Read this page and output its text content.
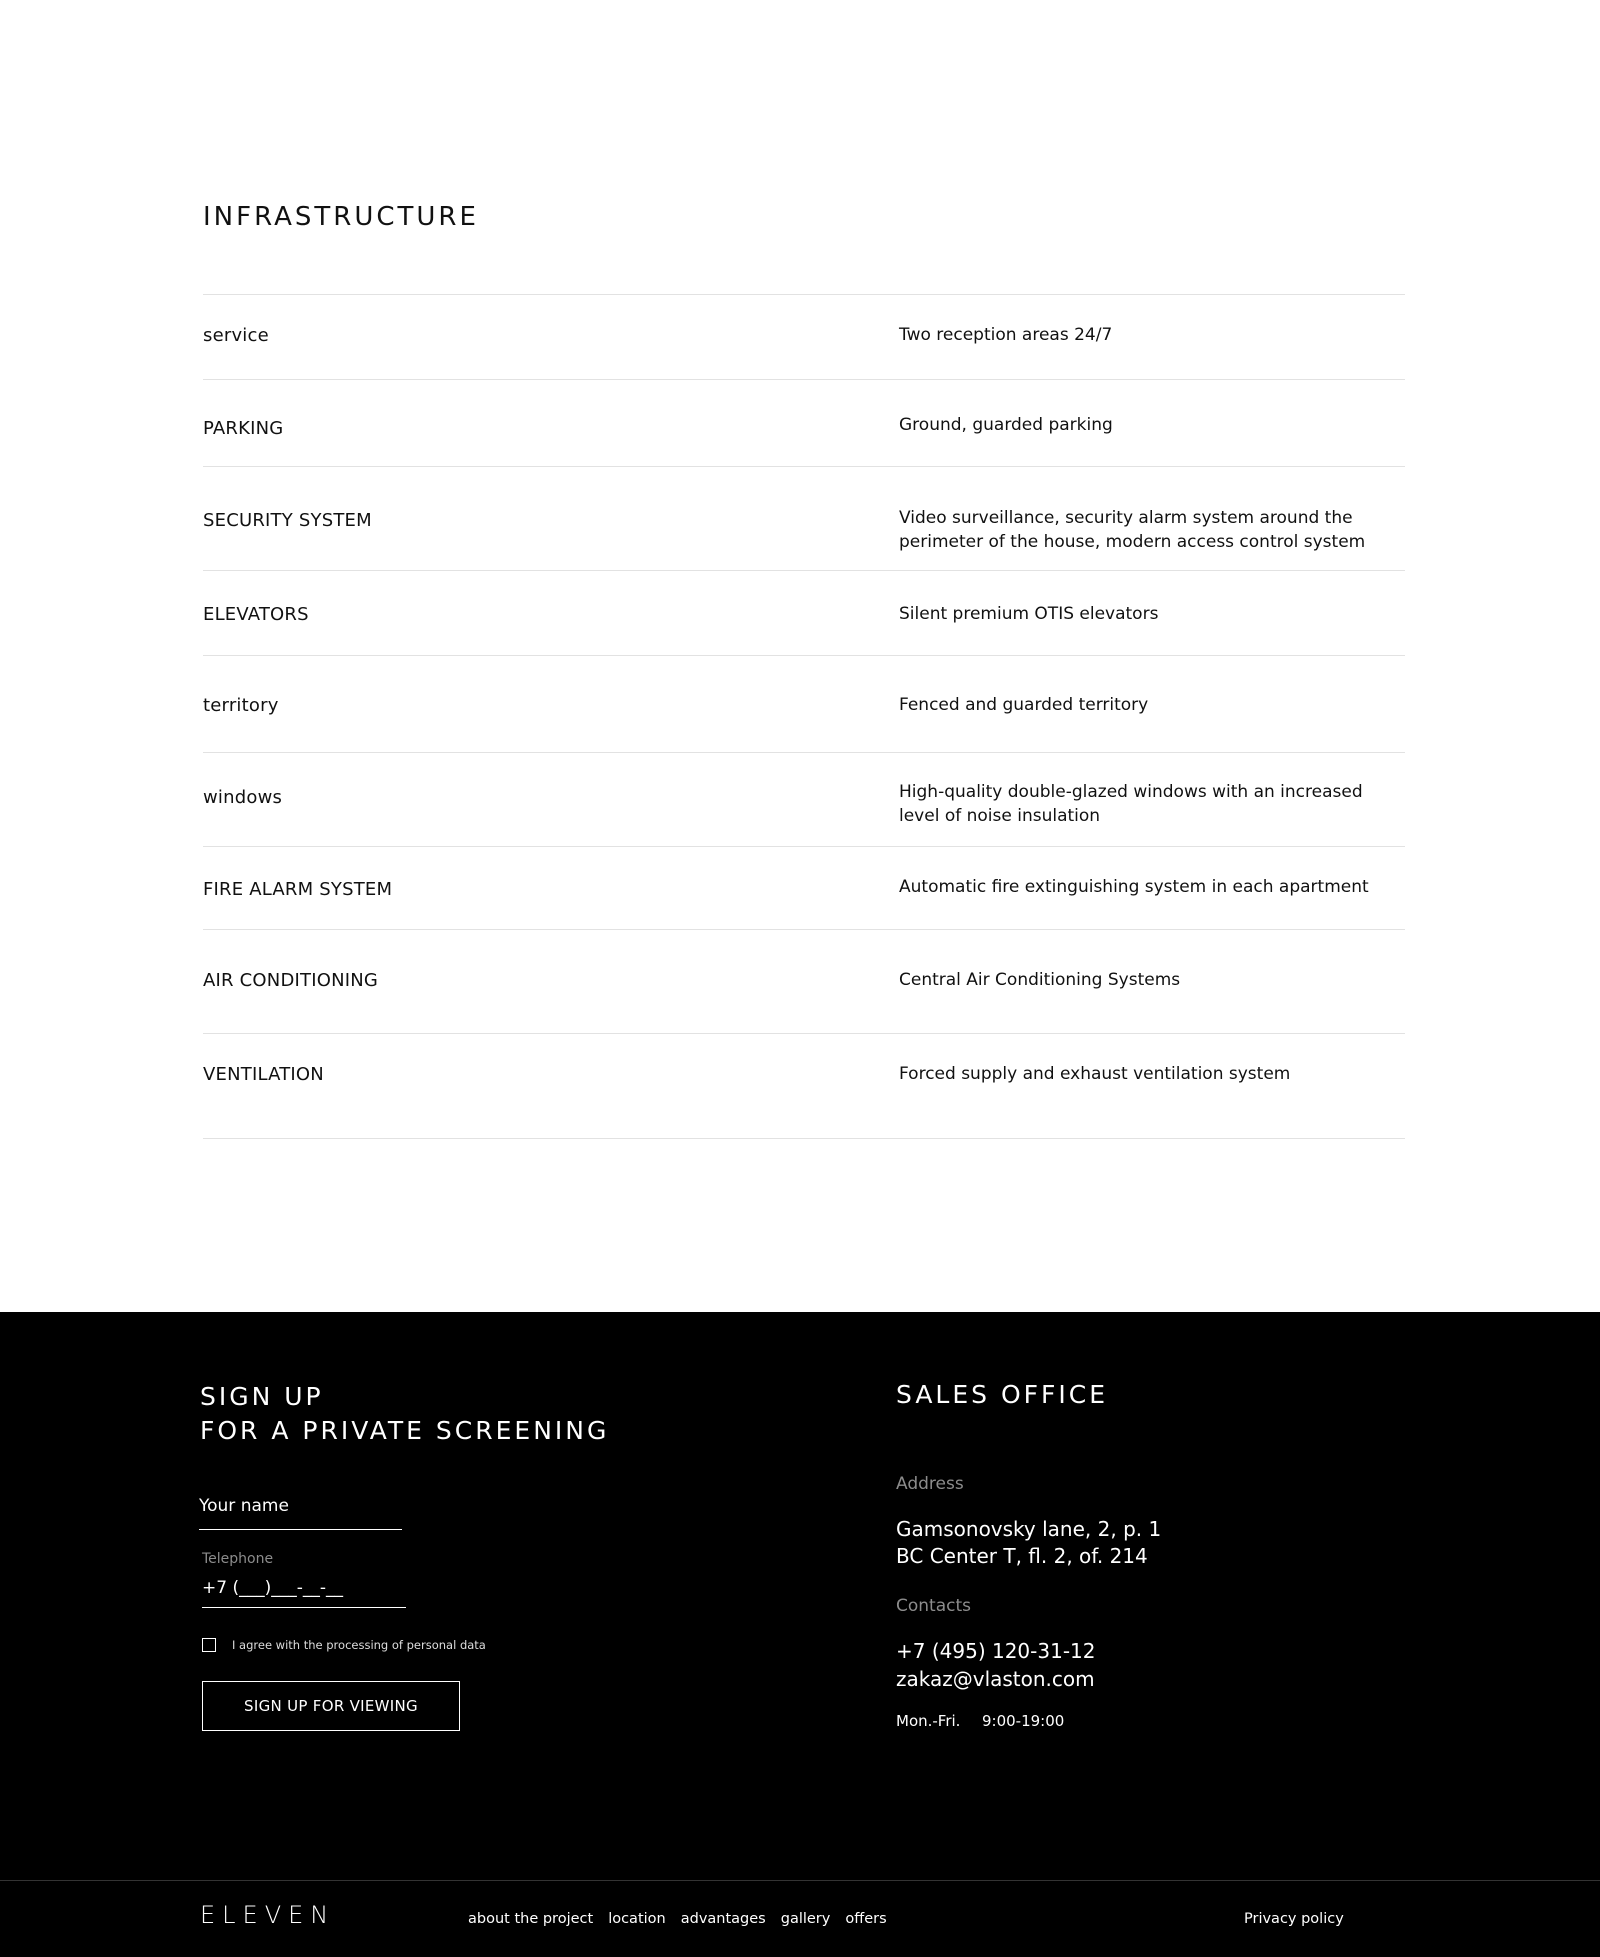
INFRASTRUCTURE
service	Two reception areas 24/7
PARKING	Ground, guarded parking
SECURITY SYSTEM	Video surveillance, security alarm system around the perimeter of the house, modern access control system
ELEVATORS	Silent premium OTIS elevators
territory	Fenced and guarded territory
windows	High-quality double-glazed windows with an increased level of noise insulation
FIRE ALARM SYSTEM	Automatic fire extinguishing system in each apartment
AIR CONDITIONING	Central Air Conditioning Systems
VENTILATION	Forced supply and exhaust ventilation system
SIGN UP
FOR A PRIVATE SCREENING
Your name
Telephone
+7 (___)___-__-__
I agree with the processing of personal data
SIGN UP FOR VIEWING
SALES OFFICE
Address
Gamsonovsky lane, 2, p. 1
BC Center T, fl. 2, of. 214
Contacts
+7 (495) 120-31-12
zakaz@vlaston.com
Mon.-Fri.	9:00-19:00
ELEVEN	about the project location advantages gallery offers	Privacy policy
